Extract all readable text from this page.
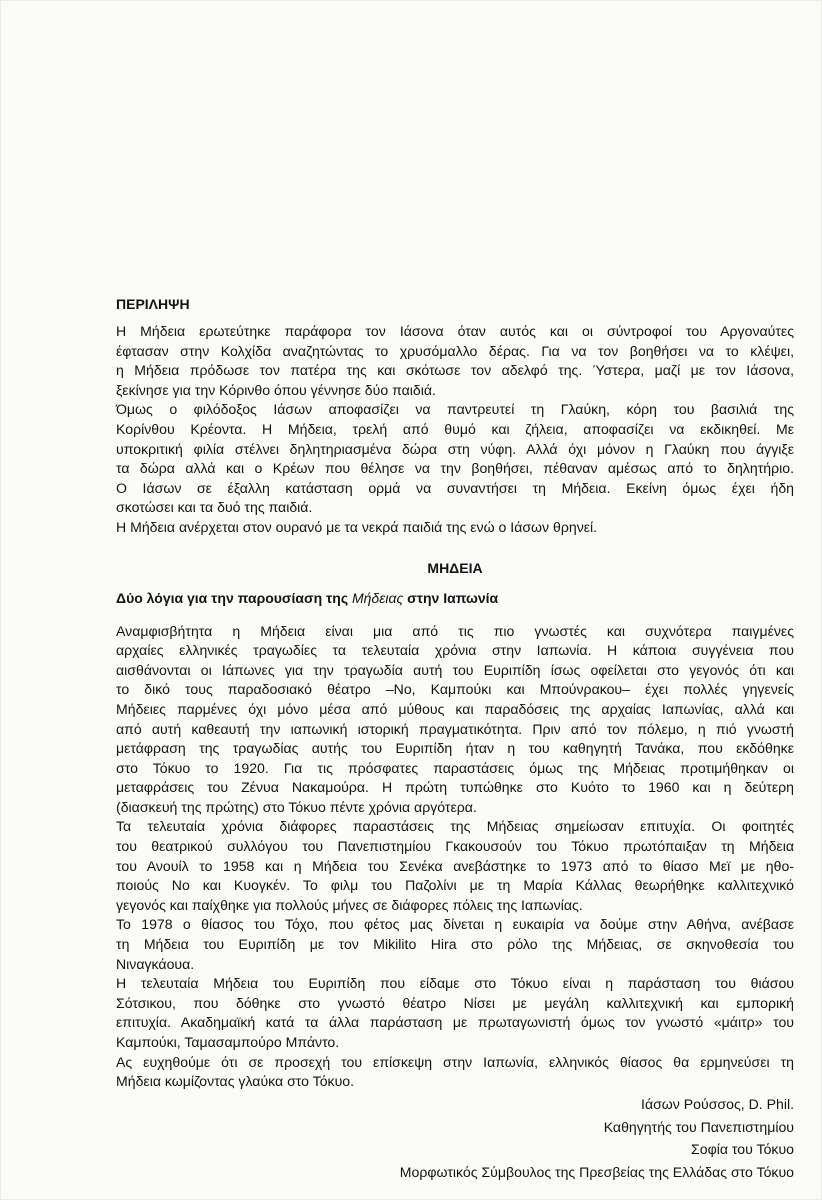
ΠΕΡΙΛΗΨΗ

Η Μήδεια ερωτεύτηκε παράφορα τον Ιάσονα όταν αυτός και οι σύντροφοί του Αργοναύτες
έφτασαν στην Κολχίδα αναζητώντας το χρυσόμαλλο δέρας. Για να τον βοηθήσει να το κλέψει,
η Μήδεια πρόδωσε τον πατέρα της και σκότωσε τον αδελφό της. Ύστερα, μαζί με τον Ιάσονα,
ξεκίνησε για την Κόρινθο όπου γέννησε δύο παιδιά.

Όμως ο φιλόδοξος Ιάσων αποφασίζει να παντρευτεί τη Γλαύκη, κόρη του βασιλιά της
Κορίνθου Κρέοντα. Η Μήδεια, τρελή από θυμό και ζήλεια, αποφασίζει να εκδικηθεί. Με
υποκριτική φιλία στέλνει δηλητηριασμένα δώρα στη νύφη. Αλλά όχι μόνον η Γλαύκη που άγγιξε
τα δώρα αλλά και ο Κρέων που θέλησε να την βοηθήσει, πέθαναν αμέσως από το δηλητήριο.
Ο Ιάσων σε έξαλλη κατάσταση ορμά να συναντήσει τη Μήδεια. Εκείνη όμως έχει ήδη
σκοτώσει και τα δυό της παιδιά.

Η Μήδεια ανέρχεται στον ουρανό με τα νεκρά παιδιά της ενώ ο Ιάσων θρηνεί.

ΜΗΔΕΙΑ

Δύο λόγια για την παρουσίαση της Μήδειας στην Ιαπωνία

Αναμφισβήτητα η Μήδεια είναι μια από τις πιο γνωστές και συχνότερα παιγμένες
αρχαίες ελληνικές τραγωδίες τα τελευταία χρόνια στην Ιαπωνία. Η κάποια συγγένεια που
αισθάνονται οι Ιάπωνες για την τραγωδία αυτή του Ευριπίδη ίσως οφείλεται στο γεγονός ότι και
το δικό τους παραδοσιακό θέατρο –Νο, Καμπούκι και Μπούνρακου– έχει πολλές γηγενείς
Μήδειες παρμένες όχι μόνο μέσα από μύθους και παραδόσεις της αρχαίας Ιαπωνίας, αλλά και
από αυτή καθεαυτή την ιαπωνική ιστορική πραγματικότητα. Πριν από τον πόλεμο, η πιό γνωστή
μετάφραση της τραγωδίας αυτής του Ευριπίδη ήταν η του καθηγητή Τανάκα, που εκδόθηκε
στο Τόκυο το 1920. Για τις πρόσφατες παραστάσεις όμως της Μήδειας προτιμήθηκαν οι
μεταφράσεις του Ζένυα Νακαμούρα. Η πρώτη τυπώθηκε στο Κυότο το 1960 και η δεύτερη
(διασκευή της πρώτης) στο Τόκυο πέντε χρόνια αργότερα.

Τα τελευταία χρόνια διάφορες παραστάσεις της Μήδειας σημείωσαν επιτυχία. Οι φοιτητές
του θεατρικού συλλόγου του Πανεπιστημίου Γκακουσούν του Τόκυο πρωτόπαιξαν τη Μήδεια
του Ανουίλ το 1958 και η Μήδεια του Σενέκα ανεβάστηκε το 1973 από το θίασο Μεϊ με ηθο-
ποιούς Νο και Κυογκέν. Το φιλμ του Παζολίνι με τη Μαρία Κάλλας θεωρήθηκε καλλιτεχνικό
γεγονός και παίχθηκε για πολλούς μήνες σε διάφορες πόλεις της Ιαπωνίας.

Το 1978 ο θίασος του Τόχο, που φέτος μας δίνεται η ευκαιρία να δούμε στην Αθήνα, ανέβασε
τη Μήδεια του Ευριπίδη με τον Mikilito Hira στο ρόλο της Μήδειας, σε σκηνοθεσία του
Νιναγκάουα.

Η τελευταία Μήδεια του Ευριπίδη που είδαμε στο Τόκυο είναι η παράσταση του θιάσου
Σότσικου, που δόθηκε στο γνωστό θέατρο Νίσει με μεγάλη καλλιτεχνική και εμπορική
επιτυχία. Ακαδημαϊκή κατά τα άλλα παράσταση με πρωταγωνιστή όμως τον γνωστό «μάιτρ» του
Καμπούκι, Ταμασαμπούρο Μπάντο.

Ας ευχηθούμε ότι σε προσεχή του επίσκεψη στην Ιαπωνία, ελληνικός θίασος θα ερμηνεύσει τη
Μήδεια κωμίζοντας γλαύκα στο Τόκυο.

Ιάσων Ρούσσος, D. Phil.
Καθηγητής του Πανεπιστημίου
Σοφία του Τόκυο
Μορφωτικός Σύμβουλος της Πρεσβείας της Ελλάδας στο Τόκυο
